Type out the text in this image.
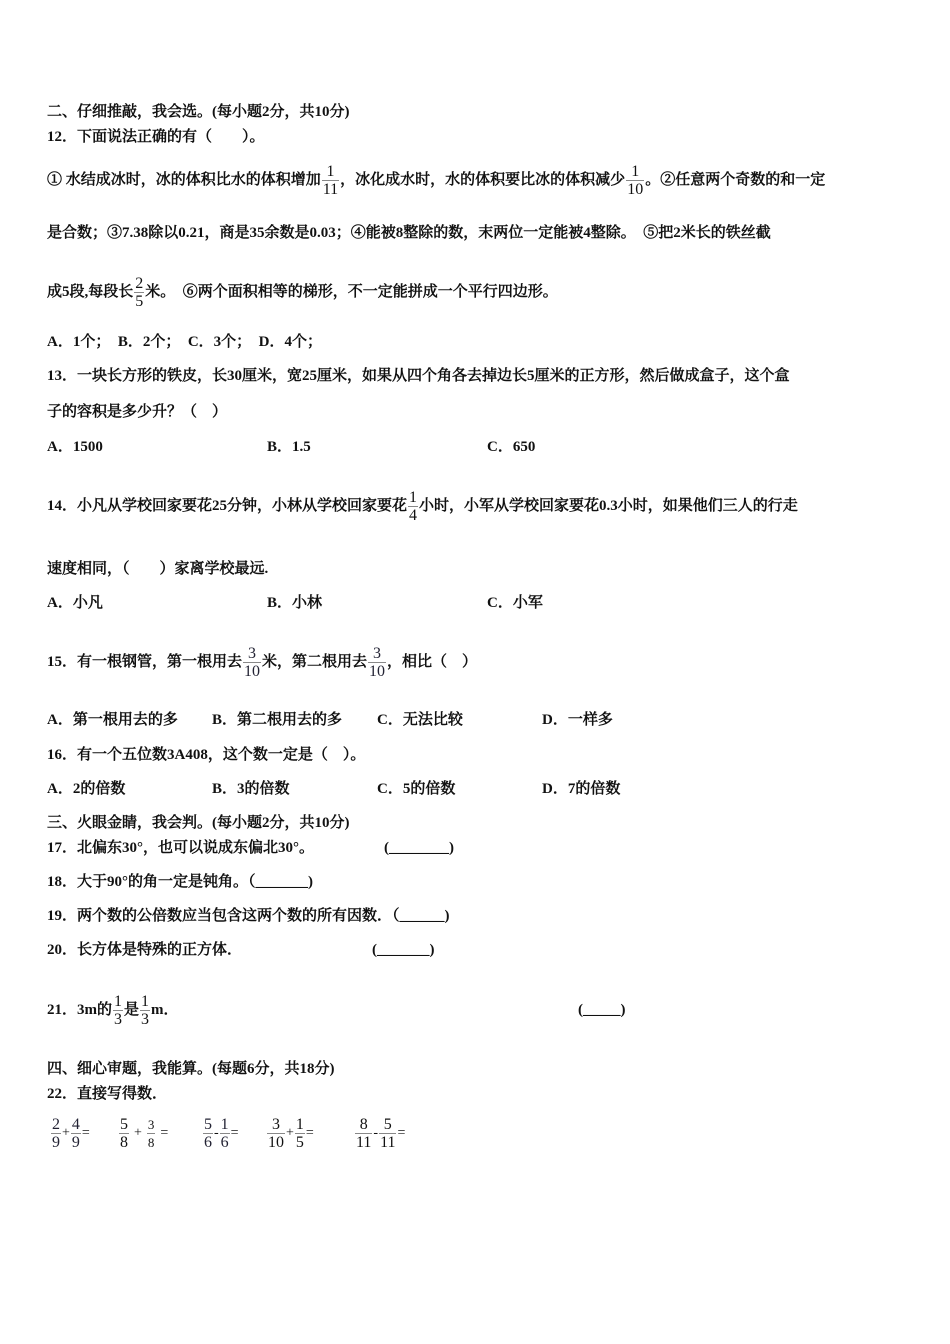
二、仔细推敲，我会选。(每小题2分，共10分)
12．下面说法正确的有（　　）。
① 水结成冰时，冰的体积比水的体积增加 $\frac{1}{11}$ ，冰化成水时，水的体积要比冰的体积减少 $\frac{1}{10}$ 。②任意两个奇数的和一定
是合数；③7.38除以0.21，商是35余数是0.03；④能被8整除的数，末两位一定能被4整除。　⑤把2米长的铁丝截
成5段,每段长 $\frac{2}{5}$ 米。　⑥两个面积相等的梯形，不一定能拼成一个平行四边形。
A．1个；　B．2个；　C．3个；　D．4个；
13．一块长方形的铁皮，长30厘米，宽25厘米，如果从四个角各去掉边长5厘米的正方形，然后做成盒子，这个盒
子的容积是多少升？（　）
A．1500	B．1.5	C．650
14．小凡从学校回家要花25分钟，小林从学校回家要花 $\frac{1}{4}$ 小时，小军从学校回家要花0.3小时，如果他们三人的行走
速度相同，（　　）家离学校最远.
A．小凡	B．小林	C．小军
15．有一根钢管，第一根用去 $\frac{3}{10}$ 米，第二根用去 $\frac{3}{10}$ ，相比（　）
A．第一根用去的多 B．第二根用去的多 C．无法比较	D．一样多
16．有一个五位数3A408，这个数一定是（　）。
A．2的倍数	B．3的倍数	C．5的倍数	D．7的倍数
三、火眼金睛，我会判。(每小题2分，共10分)
17．北偏东30°，也可以说成东偏北30°。	(________)
18．大于90°的角一定是钝角。（_______)
19．两个数的公倍数应当包含这两个数的所有因数．（______)
20．长方体是特殊的正方体．	(_______)
21．3m的 $\frac{1}{3}$ 是 $\frac{1}{3}$ m．	(_____)
四、细心审题，我能算。(每题6分，共18分)
22．直接写得数．
$\frac{2}{9} + \frac{4}{9} = \frac{5}{8} + \frac{3}{8} = \frac{5}{6} - \frac{1}{6} = \frac{3}{10} + \frac{1}{5}$ =	$\frac{8}{11} - \frac{5}{11}$ =
